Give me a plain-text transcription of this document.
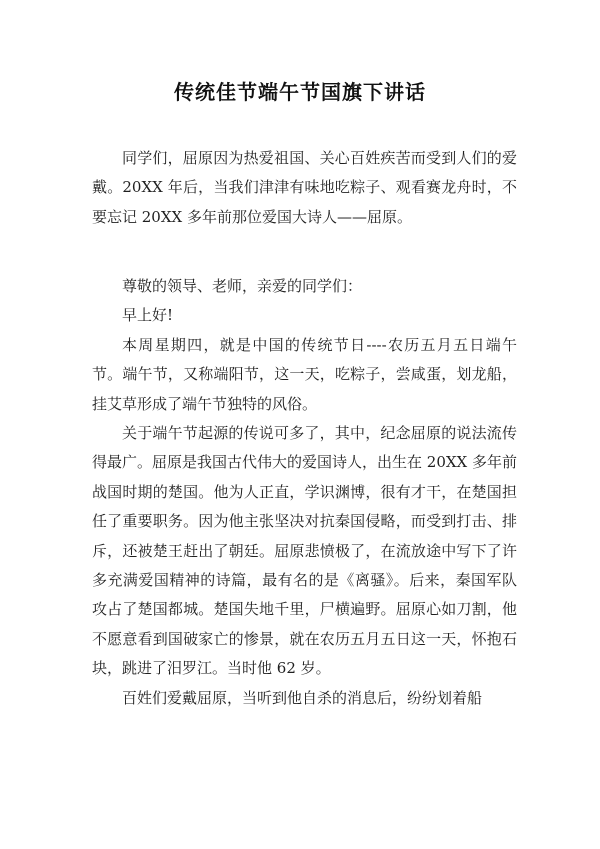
传统佳节端午节国旗下讲话

同学们，屈原因为热爱祖国、关心百姓疾苦而受到人们的爱戴。20XX 年后，当我们津津有味地吃粽子、观看赛龙舟时，不要忘记 20XX 多年前那位爱国大诗人——屈原。

尊敬的领导、老师，亲爱的同学们：

早上好!

本周星期四，就是中国的传统节日----农历五月五日端午节。端午节，又称端阳节，这一天，吃粽子，尝咸蛋，划龙船，挂艾草形成了端午节独特的风俗。

关于端午节起源的传说可多了，其中，纪念屈原的说法流传得最广。屈原是我国古代伟大的爱国诗人，出生在 20XX 多年前战国时期的楚国。他为人正直，学识渊博，很有才干，在楚国担任了重要职务。因为他主张坚决对抗秦国侵略，而受到打击、排斥，还被楚王赶出了朝廷。屈原悲愤极了，在流放途中写下了许多充满爱国精神的诗篇，最有名的是《离骚》。后来，秦国军队攻占了楚国都城。楚国失地千里，尸横遍野。屈原心如刀割，他不愿意看到国破家亡的惨景，就在农历五月五日这一天，怀抱石块，跳进了汨罗江。当时他 62 岁。

百姓们爱戴屈原，当听到他自杀的消息后，纷纷划着船
